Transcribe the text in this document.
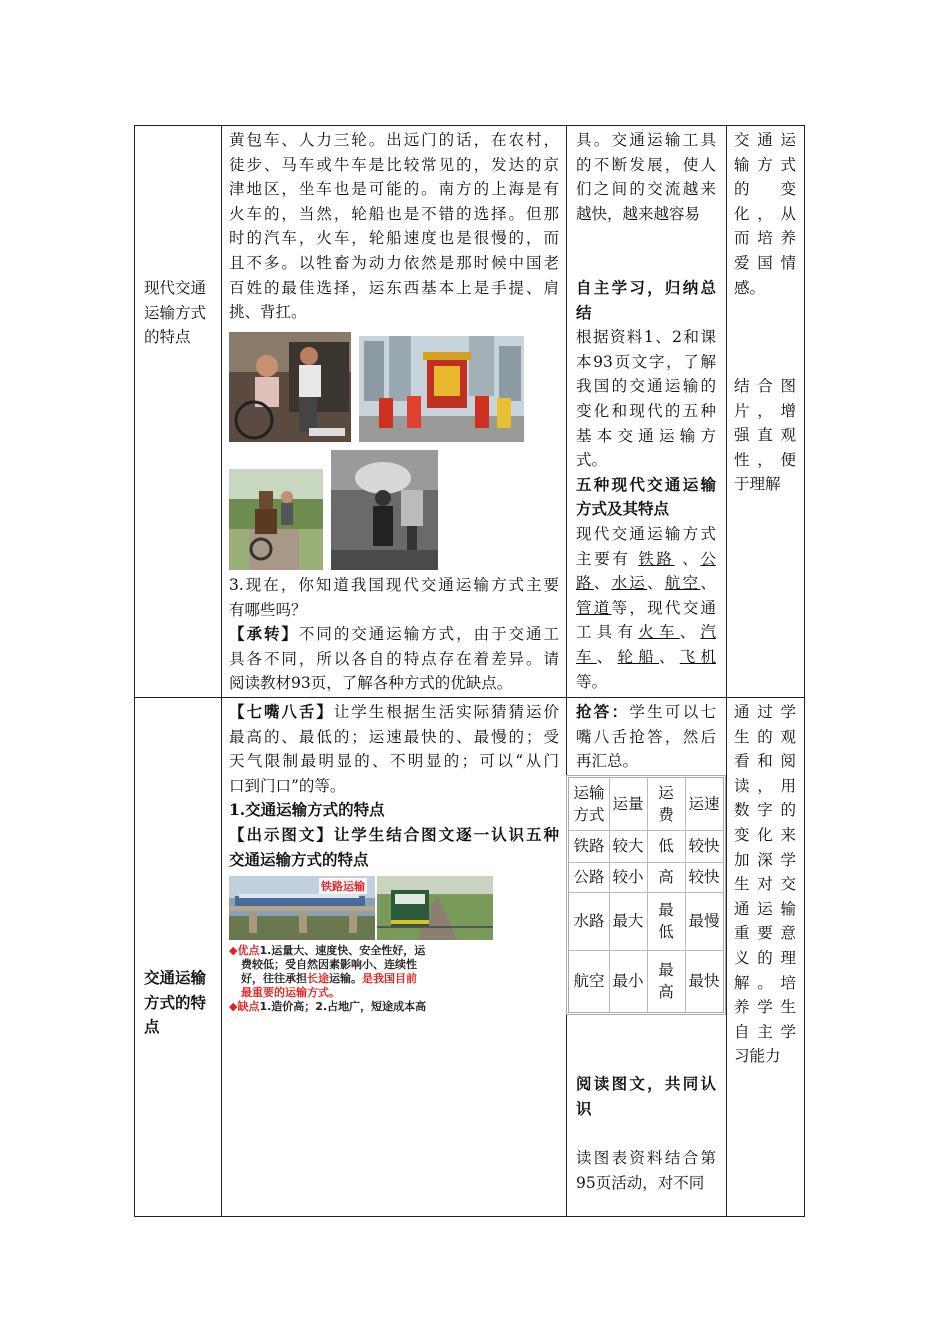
现代交通运输方式的特点

黄包车、人力三轮。出远门的话，在农村，

徒步、马车或牛车是比较常见的，发达的京

津地区，坐车也是可能的。南方的上海是有

火车的，当然，轮船也是不错的选择。但那

时的汽车，火车，轮船速度也是很慢的，而

且不多。以牲畜为动力依然是那时候中国老

百姓的最佳选择，运东西基本上是手提、肩

挑、背扛。

3.现在，你知道我国现代交通运输方式主要

有哪些吗？

【承转】不同的交通运输方式，由于交通工

具各不同，所以各自的特点存在着差异。请

阅读教材93页，了解各种方式的优缺点。

具。交通运输工具

的不断发展，使人

们之间的交流越来

越快，越来越容易

自主学习，归纳总

结

根据资料1、2和课

本93页文字，了解

我国的交通运输的

变化和现代的五种

基本交通运输方

式。

五种现代交通运输

方式及其特点

现代交通运输方式

主要有 铁路 、公

路、水运、航空、

管道等，现代交通

工具有火车、汽

车、轮船、飞机

等。

交通运

输方式

的　变

化，从

而培养

爱国情

感。

结合图

片，增

强直观

性，便

于理解

交通运输方式的特点

【七嘴八舌】让学生根据生活实际猜猜运价

最高的、最低的；运速最快的、最慢的；受

天气限制最明显的、不明显的；可以“从门

口到门口”的等。

1.交通运输方式的特点

【出示图文】让学生结合图文逐一认识五种

交通运输方式的特点

铁路运输
◆优点1.运量大、速度快、安全性好，运
费较低；受自然因素影响小、连续性
好，往往承担长途运输。是我国目前
最重要的运输方式。
◆缺点1.造价高；2.占地广，短途成本高

抢答：学生可以七

嘴八舌抢答，然后

再汇总。

运输
方式
运量
运
费
运速
铁路 较大 低 较快
公路 较小 高 较快
水路 最大
最
低
最慢
航空 最小
最
高
最快

阅读图文，共同认

识

读图表资料结合第

95页活动，对不同

通过学

生的观

看和阅

读，用

数字的

变化来

加深学

生对交

通运输

重要意

义的理

解。培

养学生

自主学

习能力
